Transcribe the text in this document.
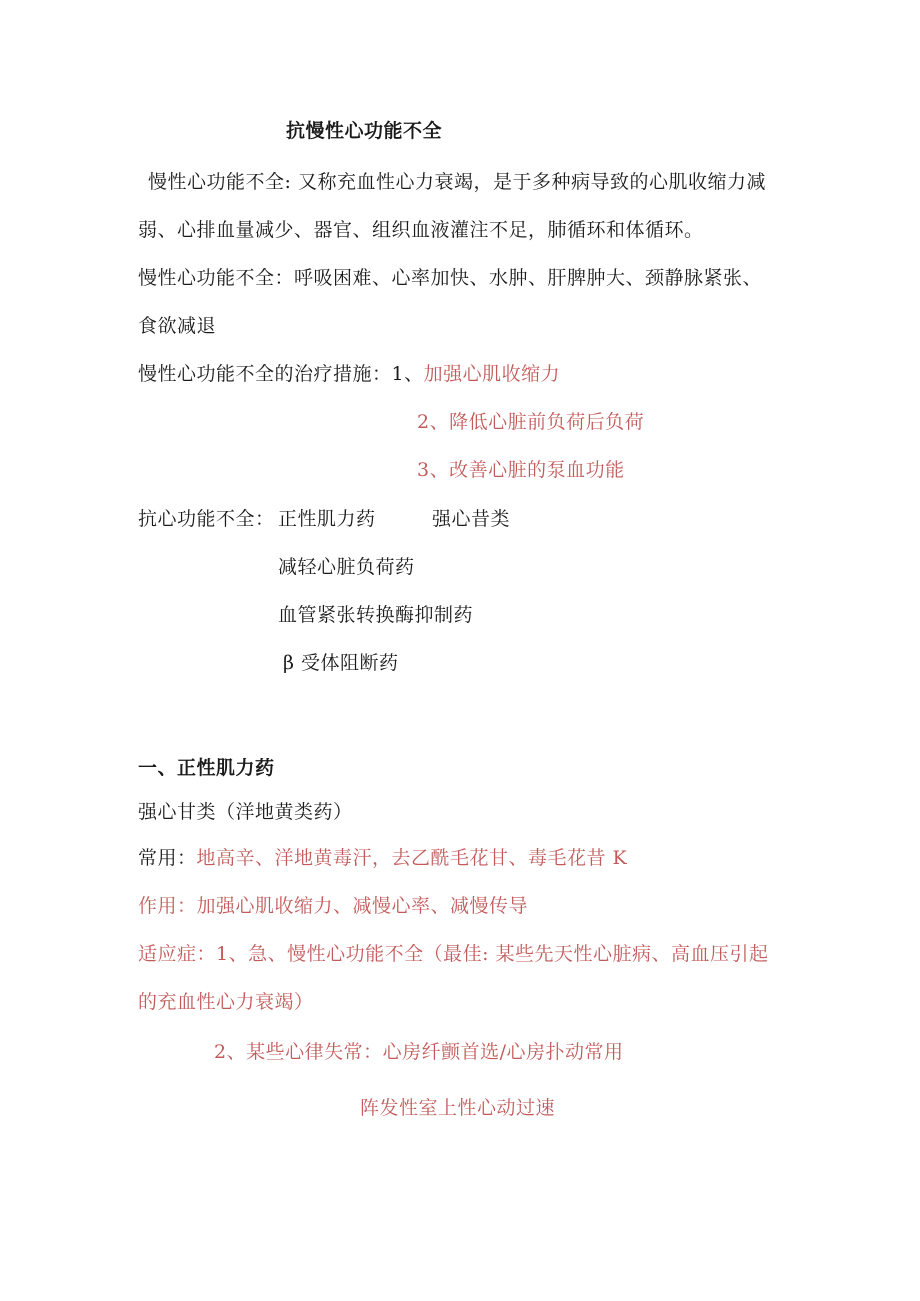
抗慢性心功能不全
慢性心功能不全: 又称充血性心力衰竭，是于多种病导致的心肌收缩力减
弱、心排血量减少、器官、组织血液灌注不足，肺循环和体循环。
慢性心功能不全：呼吸困难、心率加快、水肿、肝脾肿大、颈静脉紧张、
食欲减退
慢性心功能不全的治疗措施：1、加强心肌收缩力
2、降低心脏前负荷后负荷
3、改善心脏的泵血功能
抗心功能不全： 正性肌力药	强心昔类
减轻心脏负荷药
血管紧张转换酶抑制药
β 受体阻断药
一、正性肌力药
强心甘类（洋地黄类药）
常用：地高辛、洋地黄毒汗，去乙酰毛花甘、毒毛花昔 K
作用：加强心肌收缩力、减慢心率、减慢传导
适应症：1、急、慢性心功能不全（最佳: 某些先天性心脏病、高血压引起
的充血性心力衰竭）
2、某些心律失常：心房纤颤首选/心房扑动常用
阵发性室上性心动过速
